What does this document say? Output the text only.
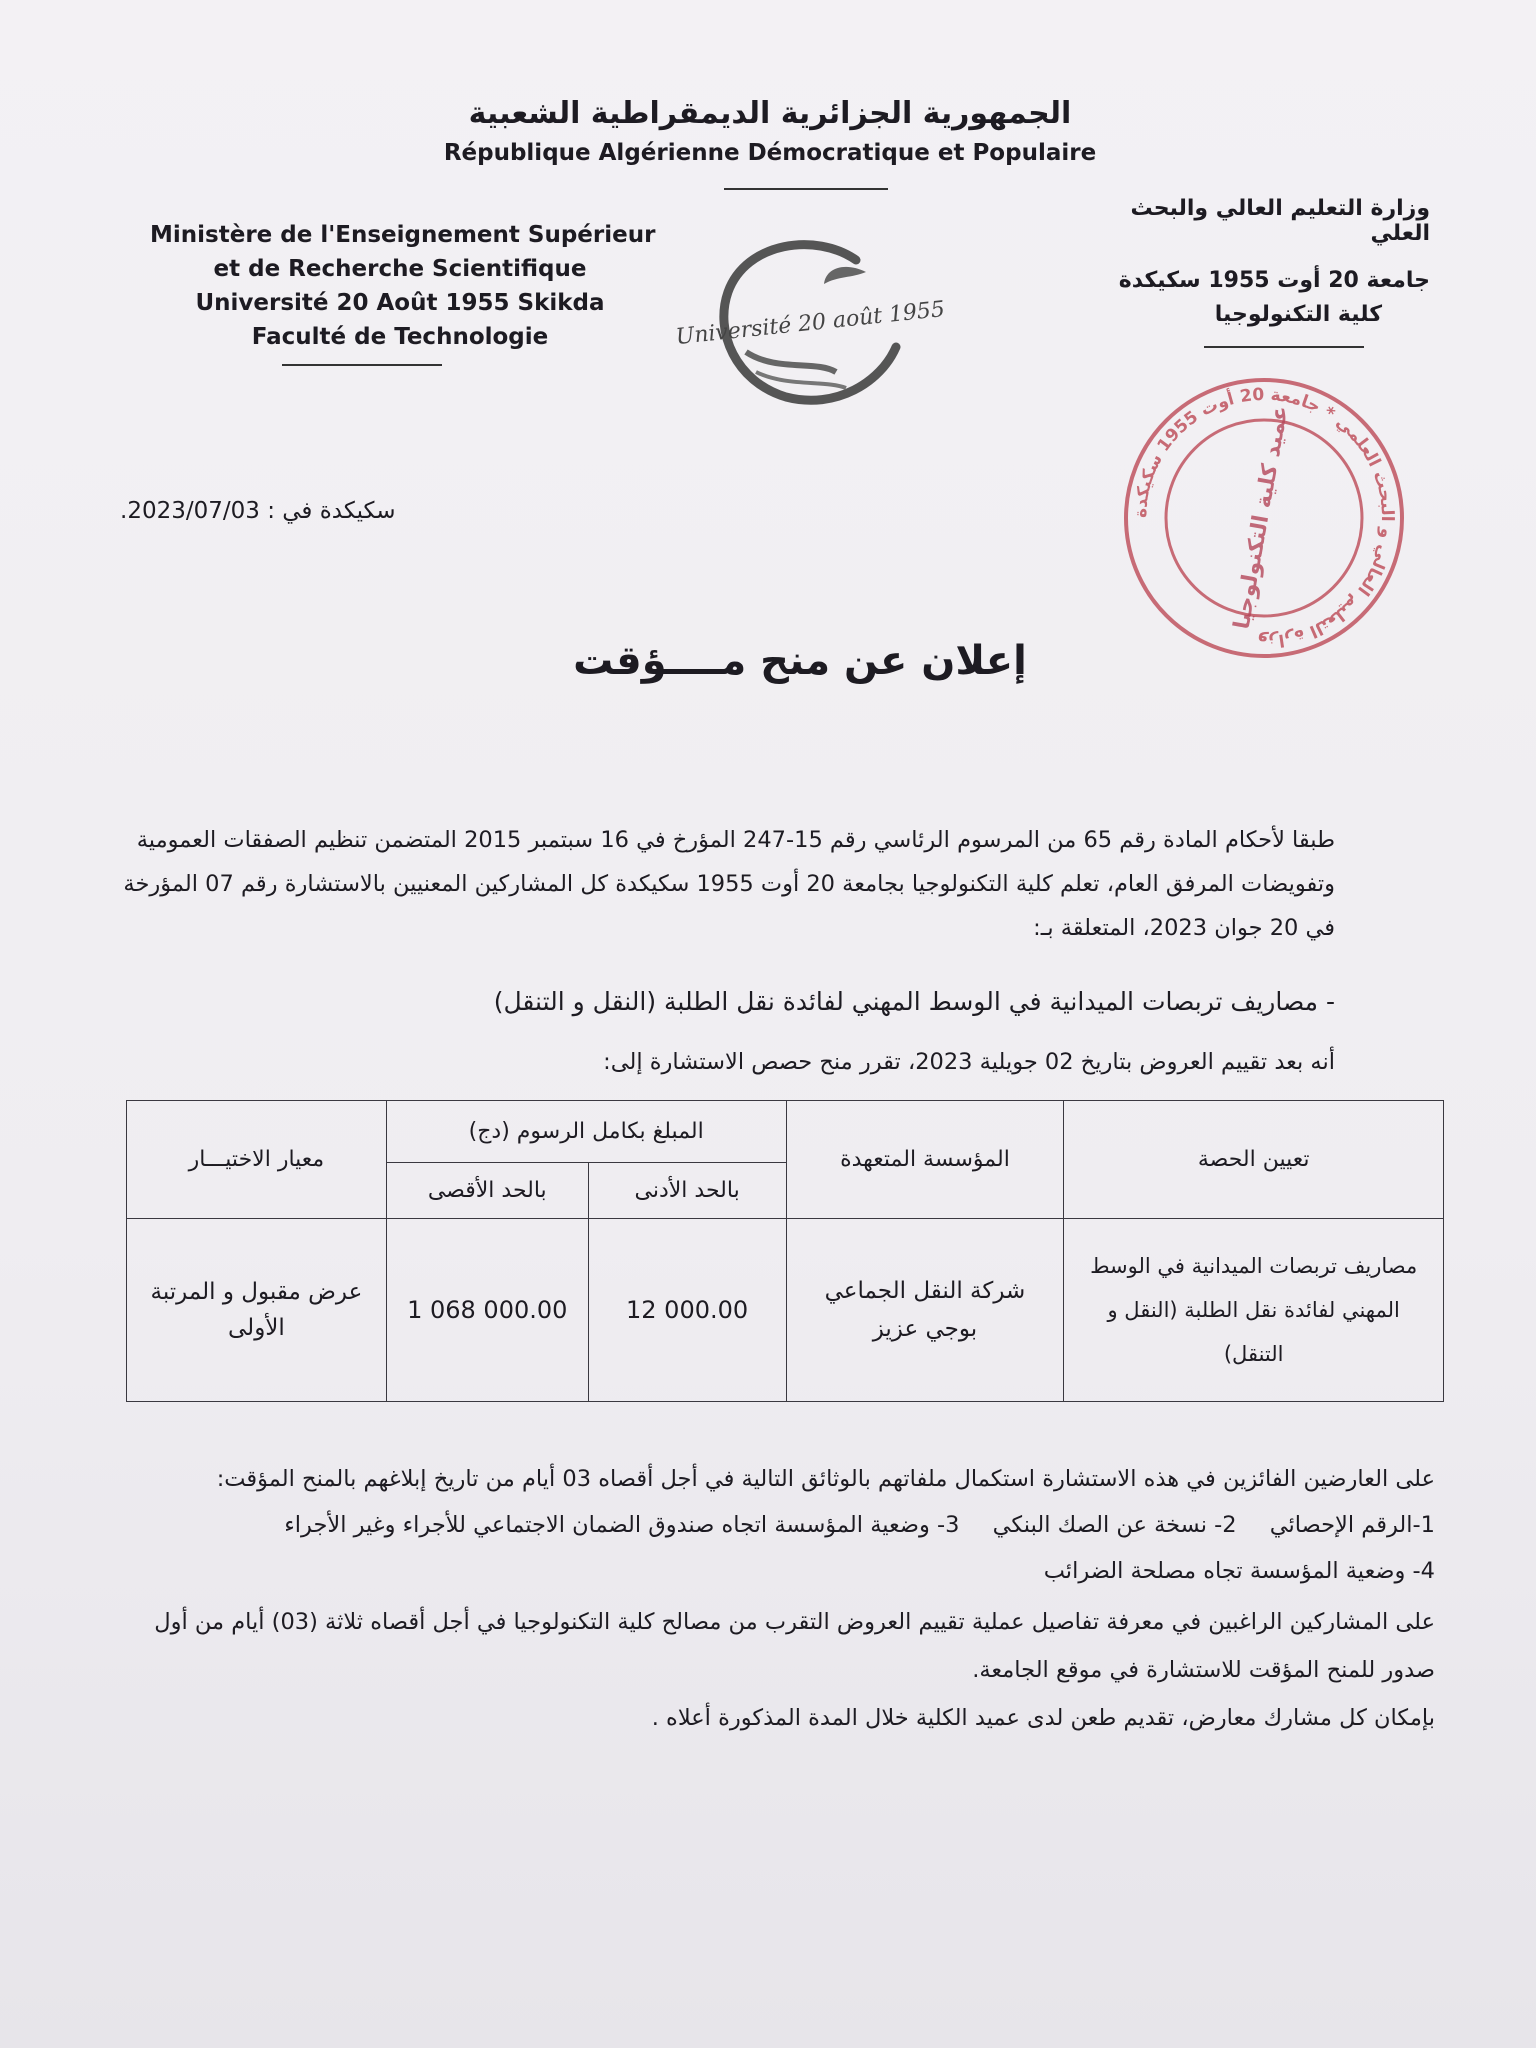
الجمهورية الجزائرية الديمقراطية الشعبية
République Algérienne Démocratique et Populaire
Ministère de l'Enseignement Supérieur
et de Recherche Scientifique
Université 20 Août 1955 Skikda
Faculté de Technologie
وزارة التعليم العالي والبحث العلي
جامعة 20 أوت 1955 سكيكدة
كلية التكنولوجيا
Université 20 août 1955
وزارة التعليم العالي و البحث العلمي * جامعة 20 أوت 1955 سكيكدة
عميد كلية التكنولوجيا
سكيكدة في : 2023/07/03.
إعلان عن منح مــــؤقت
طبقا لأحكام المادة رقم 65 من المرسوم الرئاسي رقم 15-247 المؤرخ في 16 سبتمبر 2015 المتضمن تنظيم الصفقات العمومية وتفويضات المرفق العام، تعلم كلية التكنولوجيا بجامعة 20 أوت 1955 سكيكدة كل المشاركين المعنيين بالاستشارة رقم 07 المؤرخة في 20 جوان 2023، المتعلقة بـ:
- مصاريف تربصات الميدانية في الوسط المهني لفائدة نقل الطلبة (النقل و التنقل)
أنه بعد تقييم العروض بتاريخ 02 جويلية 2023، تقرر منح حصص الاستشارة إلى:
تعيين الحصة	المؤسسة المتعهدة	المبلغ بكامل الرسوم (دج)		معيار الاختيـــار
		بالحد الأدنى	بالحد الأقصى	
مصاريف تربصات الميدانية في الوسط المهني لفائدة نقل الطلبة (النقل و التنقل)	شركة النقل الجماعي بوجي عزيز	12 000.00	1 068 000.00	عرض مقبول و المرتبة الأولى
على العارضين الفائزين في هذه الاستشارة استكمال ملفاتهم بالوثائق التالية في أجل أقصاه 03 أيام من تاريخ إبلاغهم بالمنح المؤقت:
1-الرقم الإحصائي 2- نسخة عن الصك البنكي 3- وضعية المؤسسة اتجاه صندوق الضمان الاجتماعي للأجراء وغير الأجراء
4- وضعية المؤسسة تجاه مصلحة الضرائب
على المشاركين الراغبين في معرفة تفاصيل عملية تقييم العروض التقرب من مصالح كلية التكنولوجيا في أجل أقصاه ثلاثة (03) أيام من أول صدور للمنح المؤقت للاستشارة في موقع الجامعة.
بإمكان كل مشارك معارض، تقديم طعن لدى عميد الكلية خلال المدة المذكورة أعلاه .
